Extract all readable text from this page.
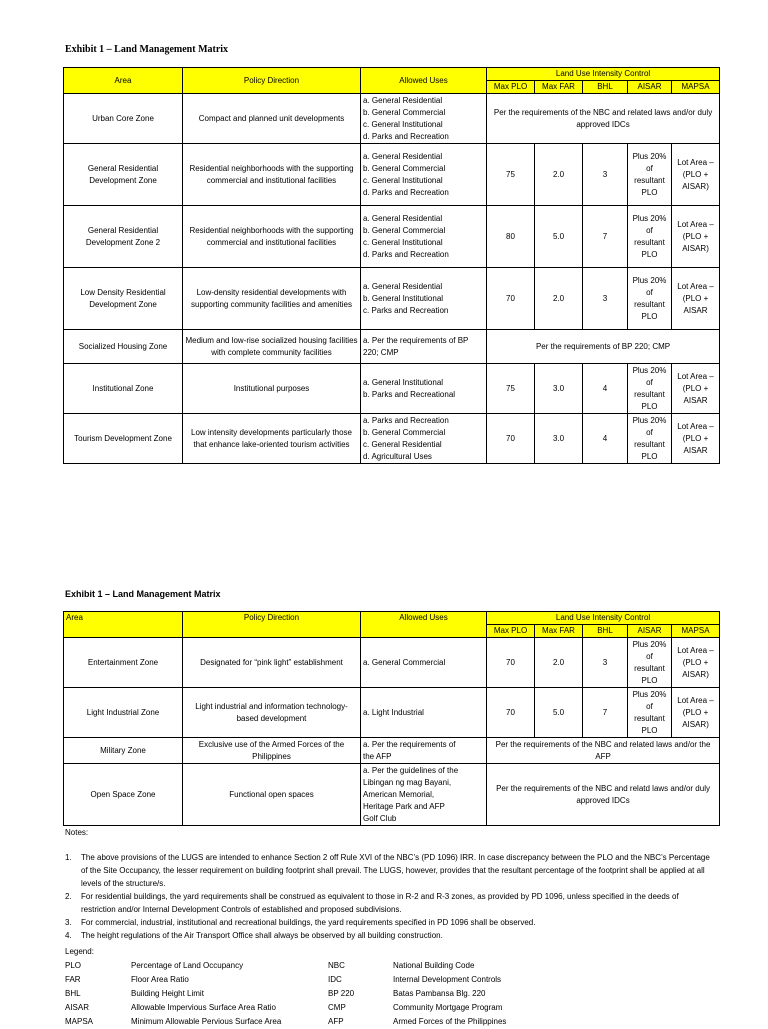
Exhibit 1 – Land Management Matrix
Area	Policy Direction	Allowed Uses	Land Use Intensity Control				
			Max PLO	Max FAR	BHL	AISAR	MAPSA
Urban Core Zone	Compact and planned unit developments	a. General Residential
b. General Commercial
c. General Institutional
d. Parks and Recreation	Per the requirements of the NBC and related laws and/or duly approved IDCs				
General Residential Development Zone	Residential neighborhoods with the supporting commercial and institutional facilities	a. General Residential
b. General Commercial
c. General Institutional
d. Parks and Recreation	75	2.0	3	Plus 20% of resultant PLO	Lot Area – (PLO + AISAR)
General Residential Development Zone 2	Residential neighborhoods with the supporting commercial and institutional facilities	a. General Residential
b. General Commercial
c. General Institutional
d. Parks and Recreation	80	5.0	7	Plus 20% of resultant PLO	Lot Area – (PLO + AISAR)
Low Density Residential Development Zone	Low-density residential developments with supporting community facilities and amenities	a. General Residential
b. General Institutional
c. Parks and Recreation	70	2.0	3	Plus 20% of resultant PLO	Lot Area – (PLO + AISAR
Socialized Housing Zone	Medium and low-rise socialized housing facilities with complete community facilities	a. Per the requirements of BP
220; CMP	Per the requirements of BP 220; CMP				
Institutional Zone	Institutional purposes	a. General Institutional
b. Parks and Recreational	75	3.0	4	Plus 20% of resultant PLO	Lot Area – (PLO + AISAR
Tourism Development Zone	Low intensity developments particularly those that enhance lake-oriented tourism activities	a. Parks and Recreation
b. General Commercial
c. General Residential
d. Agricultural Uses	70	3.0	4	Plus 20% of resultant PLO	Lot Area – (PLO + AISAR
Exhibit 1 – Land Management Matrix
Area	Policy Direction	Allowed Uses	Land Use Intensity Control				
			Max PLO	Max FAR	BHL	AISAR	MAPSA
Entertainment Zone	Designated for “pink light” establishment	a. General Commercial	70	2.0	3	Plus 20% of resultant PLO	Lot Area – (PLO + AISAR)
Light Industrial Zone	Light industrial and information technology-based development	a. Light Industrial	70	5.0	7	Plus 20% of resultant PLO	Lot Area – (PLO + AISAR)
Military Zone	Exclusive use of the Armed Forces of the Philippines	a. Per the requirements of
the AFP	Per the requirements of the NBC and related laws and/or the AFP				
Open Space Zone	Functional open spaces	a. Per the guidelines of the
Libingan ng mag Bayani,
American Memorial,
Heritage Park and AFP
Golf Club	Per the requirements of the NBC and relatd laws and/or duly approved IDCs				
Notes:
1.	The above provisions of the LUGS are intended to enhance Section 2 off Rule XVI of the NBC’s (PD 1096) IRR. In case discrepancy between the PLO and the NBC’s Percentage of the Site Occupancy, the lesser requirement on building footprint shall prevail. The LUGS, however, provides that the resultant percentage of the footprint shall be applied at all levels of the structure/s.
2.	For residential buildings, the yard requirements shall be construed as equivalent to those in R-2 and R-3 zones, as provided by PD 1096, unless specified in the deeds of restriction and/or Internal Development Controls of established and proposed subdivisions.
3.	For commercial, industrial, institutional and recreational buildings, the yard requirements specified in PD 1096 shall be observed.
4.	The height regulations of the Air Transport Office shall always be observed by all building construction.
Legend:
PLO	Percentage of Land Occupancy	NBC	National Building Code
FAR	Floor Area Ratio	IDC	Internal Development Controls
BHL	Building Height Limit	BP 220	Batas Pambansa Blg. 220
AISAR	Allowable Impervious Surface Area Ratio	CMP	Community Mortgage Program
MAPSA	Minimum Allowable Pervious Surface Area	AFP	Armed Forces of the Philippines
